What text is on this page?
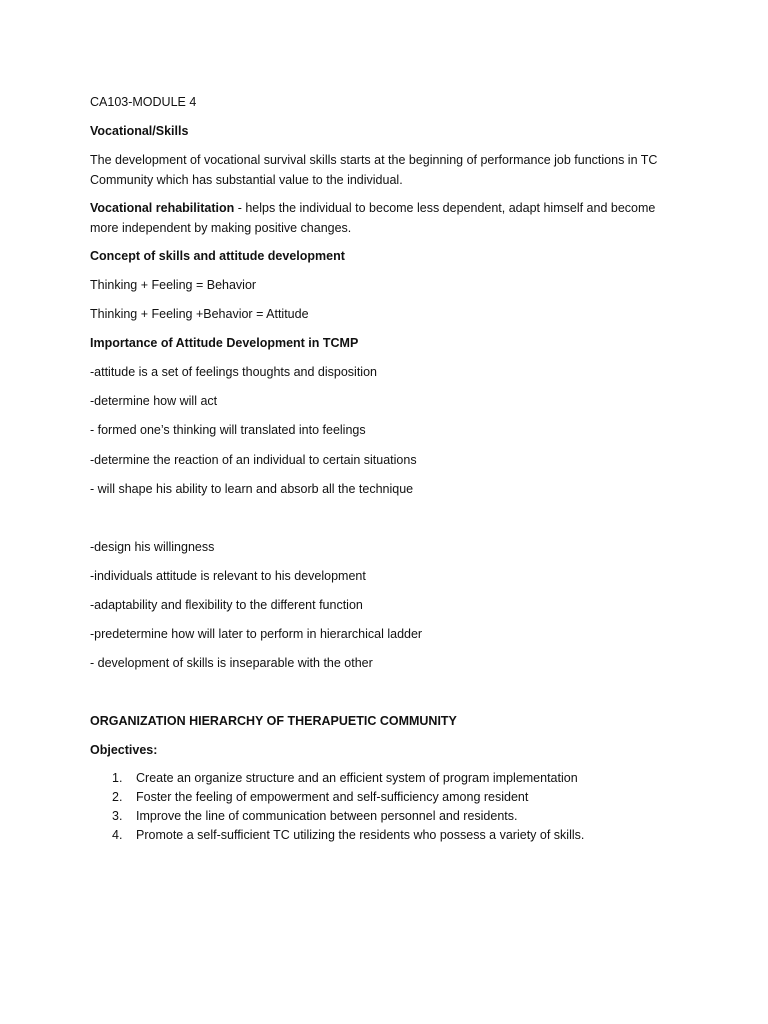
CA103-MODULE 4
Vocational/Skills
The development of vocational survival skills starts at the beginning of performance job functions in TC Community which has substantial value to the individual.
Vocational rehabilitation - helps the individual to become less dependent, adapt himself and become more independent by making positive changes.
Concept of skills and attitude development
Thinking + Feeling = Behavior
Thinking + Feeling +Behavior = Attitude
Importance of Attitude Development in TCMP
-attitude is a set of feelings thoughts and disposition
-determine how will act
- formed one’s thinking will translated into feelings
-determine the reaction of an individual to certain situations
- will shape his ability to learn and absorb all the technique
-design his willingness
-individuals attitude is relevant to his development
-adaptability and flexibility to the different function
-predetermine how will later to perform in hierarchical ladder
- development of skills is inseparable with the other
ORGANIZATION HIERARCHY OF THERAPUETIC COMMUNITY
Objectives:
1. Create an organize structure and an efficient system of program implementation
2. Foster the feeling of empowerment and self-sufficiency among resident
3. Improve the line of communication between personnel and residents.
4. Promote a self-sufficient TC utilizing the residents who possess a variety of skills.
